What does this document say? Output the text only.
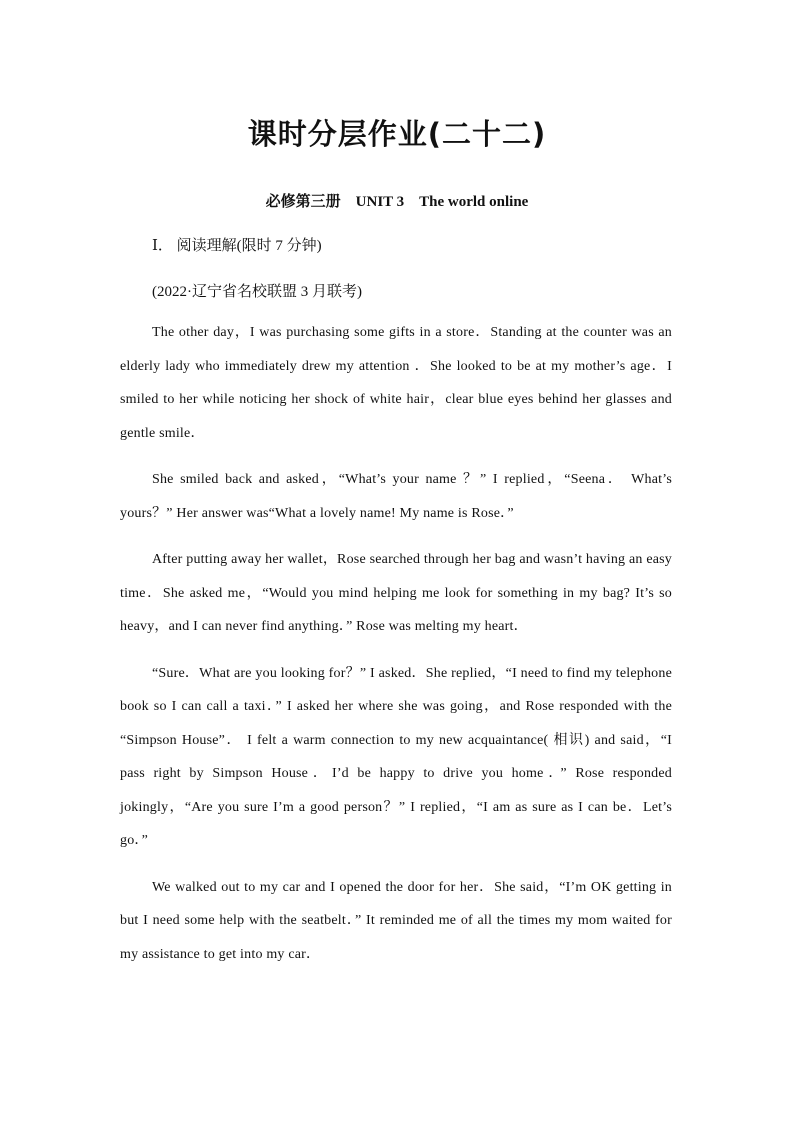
课时分层作业(二十二)
必修第三册　UNIT 3　The world online
Ⅰ． 阅读理解(限时 7 分钟)
(2022·辽宁省名校联盟 3 月联考)

The other day，I was purchasing some gifts in a store．Standing at the counter was an elderly lady who immediately drew my attention ．She looked to be at my mother’s age．I smiled to her while noticing her shock of white hair，clear blue eyes behind her glasses and gentle smile．

She smiled back and asked，“What’s your name ？” I replied，“Seena． What’s yours？” Her answer was“What a lovely name! My name is Rose．”

After putting away her wallet，Rose searched through her bag and wasn’t having an easy time．She asked me，“Would you mind helping me look for something in my bag? It’s so heavy，and I can never find anything．” Rose was melting my heart．

“Sure．What are you looking for？” I asked．She replied，“I need to find my telephone book so I can call a taxi．” I asked her where she was going，and Rose responded with the “Simpson House”． I felt a warm connection to my new acquaintance( 相识) and said，“I pass right by Simpson House．I’d be happy to drive you home．” Rose responded jokingly，“Are you sure I’m a good person？” I replied，“I am as sure as I can be．Let’s go．”

We walked out to my car and I opened the door for her．She said，“I’m OK getting in but I need some help with the seatbelt．” It reminded me of all the times my mom waited for my assistance to get into my car．
